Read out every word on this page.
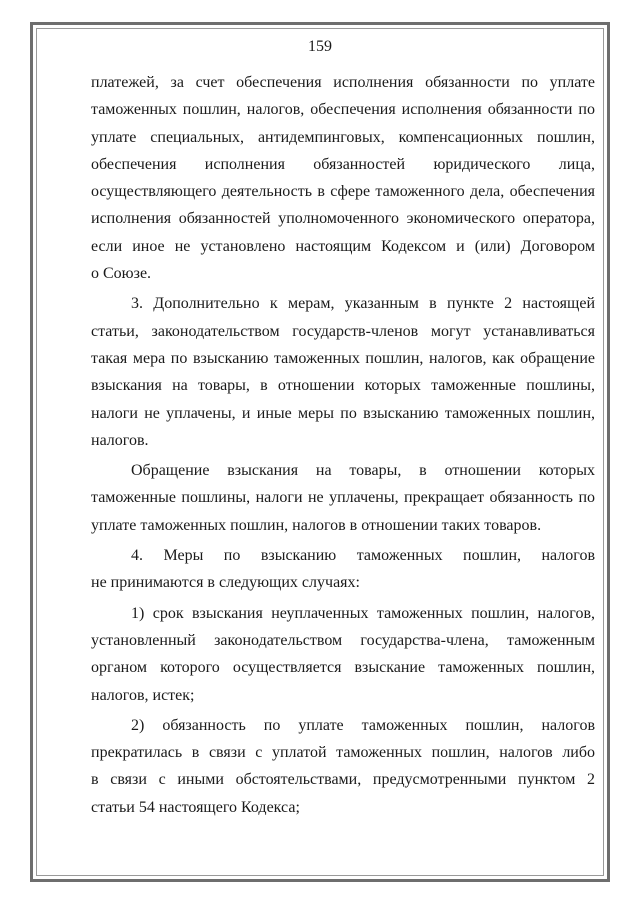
159
платежей, за счет обеспечения исполнения обязанности по уплате
таможенных пошлин, налогов, обеспечения исполнения обязанности по
уплате специальных, антидемпинговых, компенсационных пошлин,
обеспечения исполнения обязанностей юридического лица,
осуществляющего деятельность в сфере таможенного дела, обеспечения
исполнения обязанностей уполномоченного экономического оператора,
если иное не установлено настоящим Кодексом и (или) Договором
о Союзе.
3. Дополнительно к мерам, указанным в пункте 2 настоящей
статьи, законодательством государств-членов могут устанавливаться
такая мера по взысканию таможенных пошлин, налогов, как обращение
взыскания на товары, в отношении которых таможенные пошлины,
налоги не уплачены, и иные меры по взысканию таможенных пошлин,
налогов.
Обращение взыскания на товары, в отношении которых
таможенные пошлины, налоги не уплачены, прекращает обязанность по
уплате таможенных пошлин, налогов в отношении таких товаров.
4. Меры по взысканию таможенных пошлин, налогов
не принимаются в следующих случаях:
1) срок взыскания неуплаченных таможенных пошлин, налогов,
установленный законодательством государства-члена, таможенным
органом которого осуществляется взыскание таможенных пошлин,
налогов, истек;
2) обязанность по уплате таможенных пошлин, налогов
прекратилась в связи с уплатой таможенных пошлин, налогов либо
в связи с иными обстоятельствами, предусмотренными пунктом 2
статьи 54 настоящего Кодекса;
